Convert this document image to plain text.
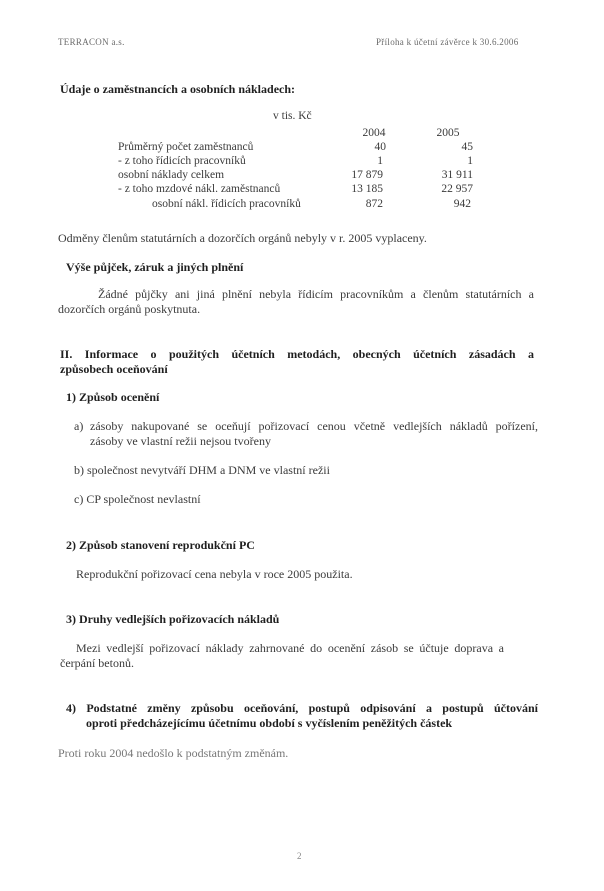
TERRACON a.s.	Příloha k účetní závěrce k 30.6.2006
Údaje o zaměstnancích a osobních nákladech:
v tis. Kč
2004	2005
Průměrný počet zaměstnanců	40	45
- z toho řídicích pracovníků	1	1
osobní náklady celkem	17 879	31 911
- z toho mzdové nákl. zaměstnanců	13 185	22 957
osobní nákl. řídicích pracovníků	872	942
Odměny členům statutárních a dozorčích orgánů nebyly v r. 2005 vyplaceny.
Výše půjček, záruk a jiných plnění
Žádné půjčky ani jiná plnění nebyla řídicím pracovníkům a členům statutárních a
dozorčích orgánů poskytnuta.
II. Informace o použitých účetních metodách, obecných účetních zásadách a
způsobech oceňování
1) Způsob ocenění
a) zásoby nakupované se oceňují pořizovací cenou včetně vedlejších nákladů pořízení,
zásoby ve vlastní režii nejsou tvořeny
b) společnost nevytváří DHM a DNM ve vlastní režii
c) CP společnost nevlastní
2) Způsob stanovení reprodukční PC
Reprodukční pořizovací cena nebyla v roce 2005 použita.
3) Druhy vedlejších pořizovacích nákladů
Mezi vedlejší pořizovací náklady zahrnované do ocenění zásob se účtuje doprava a
čerpání betonů.
4) Podstatné změny způsobu oceňování, postupů odpisování a postupů účtování
oproti předcházejícímu účetnímu období s vyčíslením peněžitých částek
Proti roku 2004 nedošlo k podstatným změnám.
2
